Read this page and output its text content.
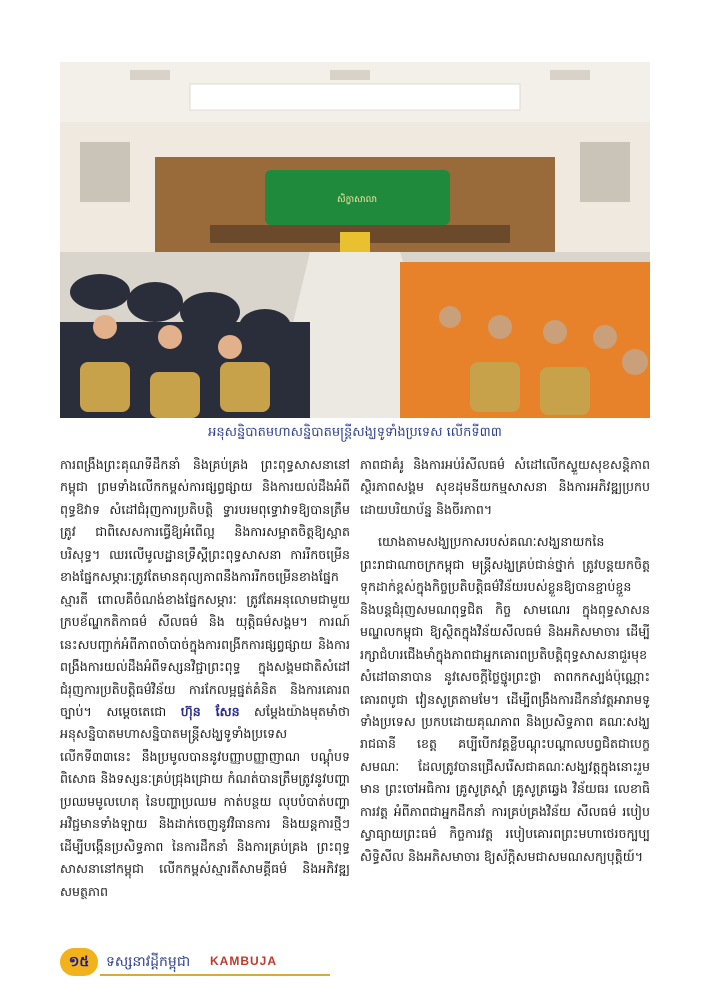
សិក្ខាសាលា
អនុសន្និបាតមហាសន្និបាតមន្ត្រីសង្ឃទូទាំងប្រទេស លើកទី៣៣

ការពង្រឹងព្រះគុណទីដឹកនាំ និងគ្រប់គ្រង ព្រះពុទ្ធសាសនានៅកម្ពុជា ព្រមទាំងលើកកម្ពស់ការផ្សព្វផ្សាយ និងការយល់ដឹងអំពីពុទ្ធឱវាទ សំដៅជំរុញការប្រតិបត្តិ ទ្វារបរមពុទ្ធោវាទឱ្យបានត្រឹមត្រូវ ជាពិសេសការធ្វើឱ្យអំពើល្អ និងការសម្អាតចិត្តឱ្យស្អាតបរិសុទ្ធ។ ឈរលើមូលដ្ឋានទ្រឹស្តីព្រះពុទ្ធសាសនា ការរីកចម្រើនខាងផ្នែកសម្ភារៈត្រូវតែមានតុល្យភាពនឹងការរីកចម្រើនខាងផ្នែកស្មារតី ពោលគឺចំណង់ខាងផ្នែកសម្ភារៈ ត្រូវតែអនុលោមជាមួយក្របខ័ណ្ឌកតិកាធម៌ សីលធម៌ និង យុត្តិធម៌សង្គម។ ការណ៍នេះសបញ្ជាក់អំពីភាពចាំបាច់ក្នុងការពង្រីកការផ្សព្វផ្សាយ និងការពង្រឹងការយល់ដឹងអំពីទស្សនវិជ្ជាព្រះពុទ្ធ ក្នុងសង្គមជាតិសំដៅជំរុញការប្រតិបត្តិធម៌វិន័យ ការកែលម្អផ្នត់គំនិត និងការគោរពច្បាប់។ សម្ដេចតេជោ ហ៊ុន សែន សម្ដែងយ៉ាងមុតមាំថា អនុសន្និបាតមហាសន្និបាតមន្ត្រីសង្ឃទូទាំងប្រទេសលើកទី៣៣នេះ នឹងប្រមូលបាននូវបញ្ញាបញ្ញាញាណ បណ្ដុំបទពិសោធ និងទស្សនៈគ្រប់ជ្រុងជ្រោយ កំណត់បានត្រឹមត្រូវនូវបញ្ហាប្រឈមមូលហេតុ នៃបញ្ហាប្រឈម កាត់បន្ថយ លុបបំបាត់បញ្ហាអវិជ្ជមានទាំងឡាយ និងដាក់ចេញនូវវិធានការ និងយន្តការថ្មីៗ ដើម្បីបង្កើនប្រសិទ្ធភាព នៃការដឹកនាំ និងការគ្រប់គ្រង ព្រះពុទ្ធសាសនានៅកម្ពុជា លើកកម្ពស់ស្មារតីសាមគ្គីធម៌ និងអភិវឌ្ឍសមត្ថភាព

ភាពជាគំរូ និងការអប់រំសីលធម៌ សំដៅលើកស្ទួយសុខសន្តិភាព ស្ថិរភាពសង្គម សុខដុមនីយកម្មសាសនា និងការអភិវឌ្ឍប្រកបដោយបរិយាប័ន្ន និងចីរភាព។

យោងតាមសង្ឃប្រកាសរបស់គណៈសង្ឃនាយកនៃព្រះរាជាណាចក្រកម្ពុជា មន្ត្រីសង្ឃគ្រប់ជាន់ថ្នាក់ ត្រូវបន្ដយកចិត្តទុកដាក់ខ្ពស់ក្នុងកិច្ចប្រតិបត្តិធម៌វិន័យរបស់ខ្លួនឱ្យបានខ្ជាប់ខ្ជួន និងបន្ដជំរុញសមណពុទ្ធជិត កិច្ច សាមណេរ ក្នុងពុទ្ធសាសនមណ្ឌលកម្ពុជា ឱ្យស្ថិតក្នុងវិន័យសីលធម៌ និងអភិសមាចារ ដើម្បីរក្សាជំហរជើងមាំក្នុងភាពជាអ្នកគោរពប្រតិបត្តិពុទ្ធសាសនាជួរមុខ សំដៅធានាបាន នូវសេចក្ដីថ្លៃថ្នូរព្រះថ្លា តាពកកស្បង់ប៉ុណ្ណោះ គោរពបូជា វៀនសូត្រតាមមែ។ ដើម្បីពង្រឹងការដឹកនាំវត្តអារាមទូទាំងប្រទេស ប្រកបដោយគុណភាព និងប្រសិទ្ធភាព គណៈសង្ឃរាជធានី ខេត្ត គប្បីបើកវគ្គខ្លីបណ្ដុះបណ្ដាលបព្វជិតជាបេក្ខសមណៈ ដែលត្រូវបានជ្រើសរើសជាគណៈសង្ឃវត្តក្នុងនោះរួមមាន ព្រះចៅអធិការ គ្រូសូត្រស្តាំ គ្រូសូត្រឆ្វេង វិន័យធរ លេខាធិការវត្ត អំពីភាពជាអ្នកដឹកនាំ ការគ្រប់គ្រងវិន័យ សីលធម៌ របៀបស្វាធ្យាយព្រះធម៌ កិច្ចការវត្ត របៀបគោរពព្រះមហាថេរចក្បប្បសិទ្ធិសីល និងអភិសមាចារ ឱ្យស័ក្ដិសមជាសមណសក្យបុត្តិយ៍។

១៥	ទស្សនាវដ្ដីកម្ពុជា KAMBUJA
